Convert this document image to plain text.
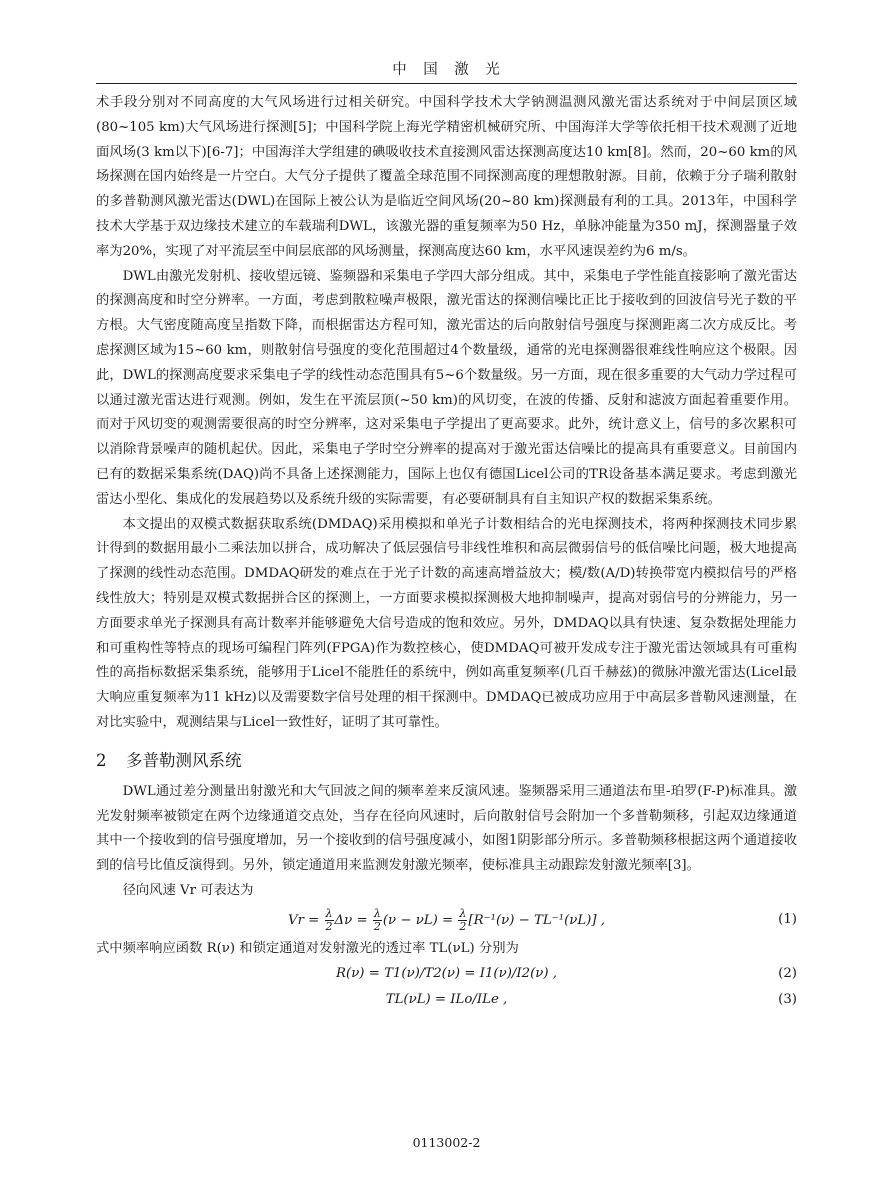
中　国　激　光

术手段分别对不同高度的大气风场进行过相关研究。中国科学技术大学钠测温测风激光雷达系统对于中间层顶区域(80~105 km)大气风场进行探测[5]；中国科学院上海光学精密机械研究所、中国海洋大学等依托相干技术观测了近地面风场(3 km以下)[6-7]；中国海洋大学组建的碘吸收技术直接测风雷达探测高度达10 km[8]。然而，20~60 km的风场探测在国内始终是一片空白。大气分子提供了覆盖全球范围不同探测高度的理想散射源。目前，依赖于分子瑞利散射的多普勒测风激光雷达(DWL)在国际上被公认为是临近空间风场(20~80 km)探测最有利的工具。2013年，中国科学技术大学基于双边缘技术建立的车载瑞利DWL，该激光器的重复频率为50 Hz，单脉冲能量为350 mJ，探测器量子效率为20%，实现了对平流层至中间层底部的风场测量，探测高度达60 km，水平风速误差约为6 m/s。

DWL由激光发射机、接收望远镜、鉴频器和采集电子学四大部分组成。其中，采集电子学性能直接影响了激光雷达的探测高度和时空分辨率。一方面，考虑到散粒噪声极限，激光雷达的探测信噪比正比于接收到的回波信号光子数的平方根。大气密度随高度呈指数下降，而根据雷达方程可知，激光雷达的后向散射信号强度与探测距离二次方成反比。考虑探测区域为15~60 km，则散射信号强度的变化范围超过4个数量级，通常的光电探测器很难线性响应这个极限。因此，DWL的探测高度要求采集电子学的线性动态范围具有5~6个数量级。另一方面，现在很多重要的大气动力学过程可以通过激光雷达进行观测。例如，发生在平流层顶(~50 km)的风切变，在波的传播、反射和滤波方面起着重要作用。而对于风切变的观测需要很高的时空分辨率，这对采集电子学提出了更高要求。此外，统计意义上，信号的多次累积可以消除背景噪声的随机起伏。因此，采集电子学时空分辨率的提高对于激光雷达信噪比的提高具有重要意义。目前国内已有的数据采集系统(DAQ)尚不具备上述探测能力，国际上也仅有德国Licel公司的TR设备基本满足要求。考虑到激光雷达小型化、集成化的发展趋势以及系统升级的实际需要，有必要研制具有自主知识产权的数据采集系统。

本文提出的双模式数据获取系统(DMDAQ)采用模拟和单光子计数相结合的光电探测技术，将两种探测技术同步累计得到的数据用最小二乘法加以拼合，成功解决了低层强信号非线性堆积和高层微弱信号的低信噪比问题，极大地提高了探测的线性动态范围。DMDAQ研发的难点在于光子计数的高速高增益放大；模/数(A/D)转换带宽内模拟信号的严格线性放大；特别是双模式数据拼合区的探测上，一方面要求模拟探测极大地抑制噪声，提高对弱信号的分辨能力，另一方面要求单光子探测具有高计数率并能够避免大信号造成的饱和效应。另外，DMDAQ以具有快速、复杂数据处理能力和可重构性等特点的现场可编程门阵列(FPGA)作为数控核心，使DMDAQ可被开发成专注于激光雷达领域具有可重构性的高指标数据采集系统，能够用于Licel不能胜任的系统中，例如高重复频率(几百千赫兹)的微脉冲激光雷达(Licel最大响应重复频率为11 kHz)以及需要数字信号处理的相干探测中。DMDAQ已被成功应用于中高层多普勒风速测量，在对比实验中，观测结果与Licel一致性好，证明了其可靠性。

2 多普勒测风系统

DWL通过差分测量出射激光和大气回波之间的频率差来反演风速。鉴频器采用三通道法布里-珀罗(F-P)标准具。激光发射频率被锁定在两个边缘通道交点处，当存在径向风速时，后向散射信号会附加一个多普勒频移，引起双边缘通道其中一个接收到的信号强度增加，另一个接收到的信号强度减小，如图1阴影部分所示。多普勒频移根据这两个通道接收到的信号比值反演得到。另外，锁定通道用来监测发射激光频率，使标准具主动跟踪发射激光频率[3]。

径向风速 Vr 可表达为

$Vr = \frac{\lambda}{2}$ $\Delta\nu = \frac{\lambda}{2} (\nu - \nu L) = \frac{\lambda}{2} [R^{-1}(\nu) - TL^{-1}(\nu L)]$ ,	(1)

式中频率响应函数 R(ν) 和锁定通道对发射激光的透过率 TL(νL) 分别为

R(ν) = T1(ν)/T2(ν) = I1(ν)/I2(ν) ,	(2)
TL(νL) = ILo/ILe ,	(3)
0113002-2
